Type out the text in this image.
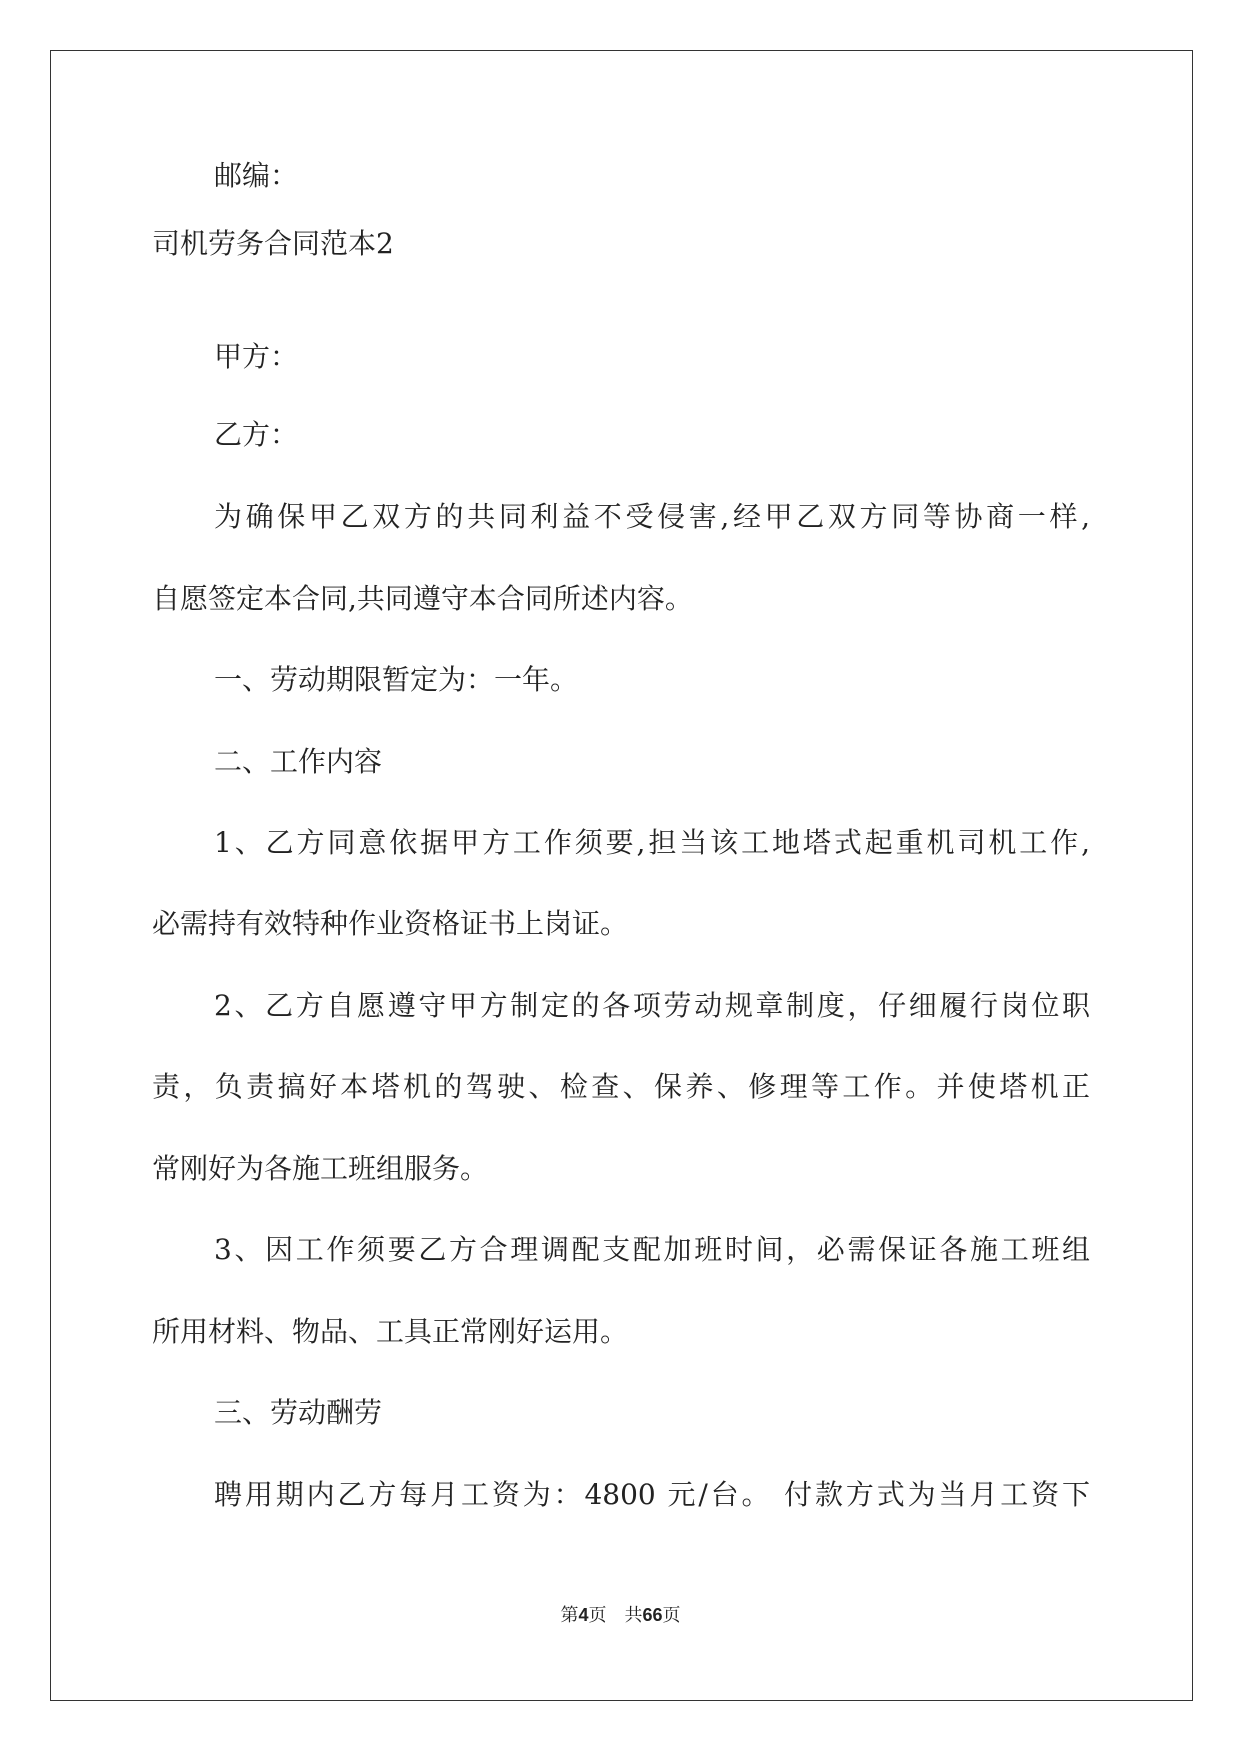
邮编：
司机劳务合同范本2
甲方：
乙方：
为确保甲乙双方的共同利益不受侵害,经甲乙双方同等协商一样,
自愿签定本合同,共同遵守本合同所述内容。
一、劳动期限暂定为：一年。
二、工作内容
1、乙方同意依据甲方工作须要,担当该工地塔式起重机司机工作,
必需持有效特种作业资格证书上岗证。
2、乙方自愿遵守甲方制定的各项劳动规章制度，仔细履行岗位职
责，负责搞好本塔机的驾驶、检查、保养、修理等工作。并使塔机正
常刚好为各施工班组服务。
3、因工作须要乙方合理调配支配加班时间，必需保证各施工班组
所用材料、物品、工具正常刚好运用。
三、劳动酬劳
聘用期内乙方每月工资为：4800 元/台。 付款方式为当月工资下
第4页 共66页
